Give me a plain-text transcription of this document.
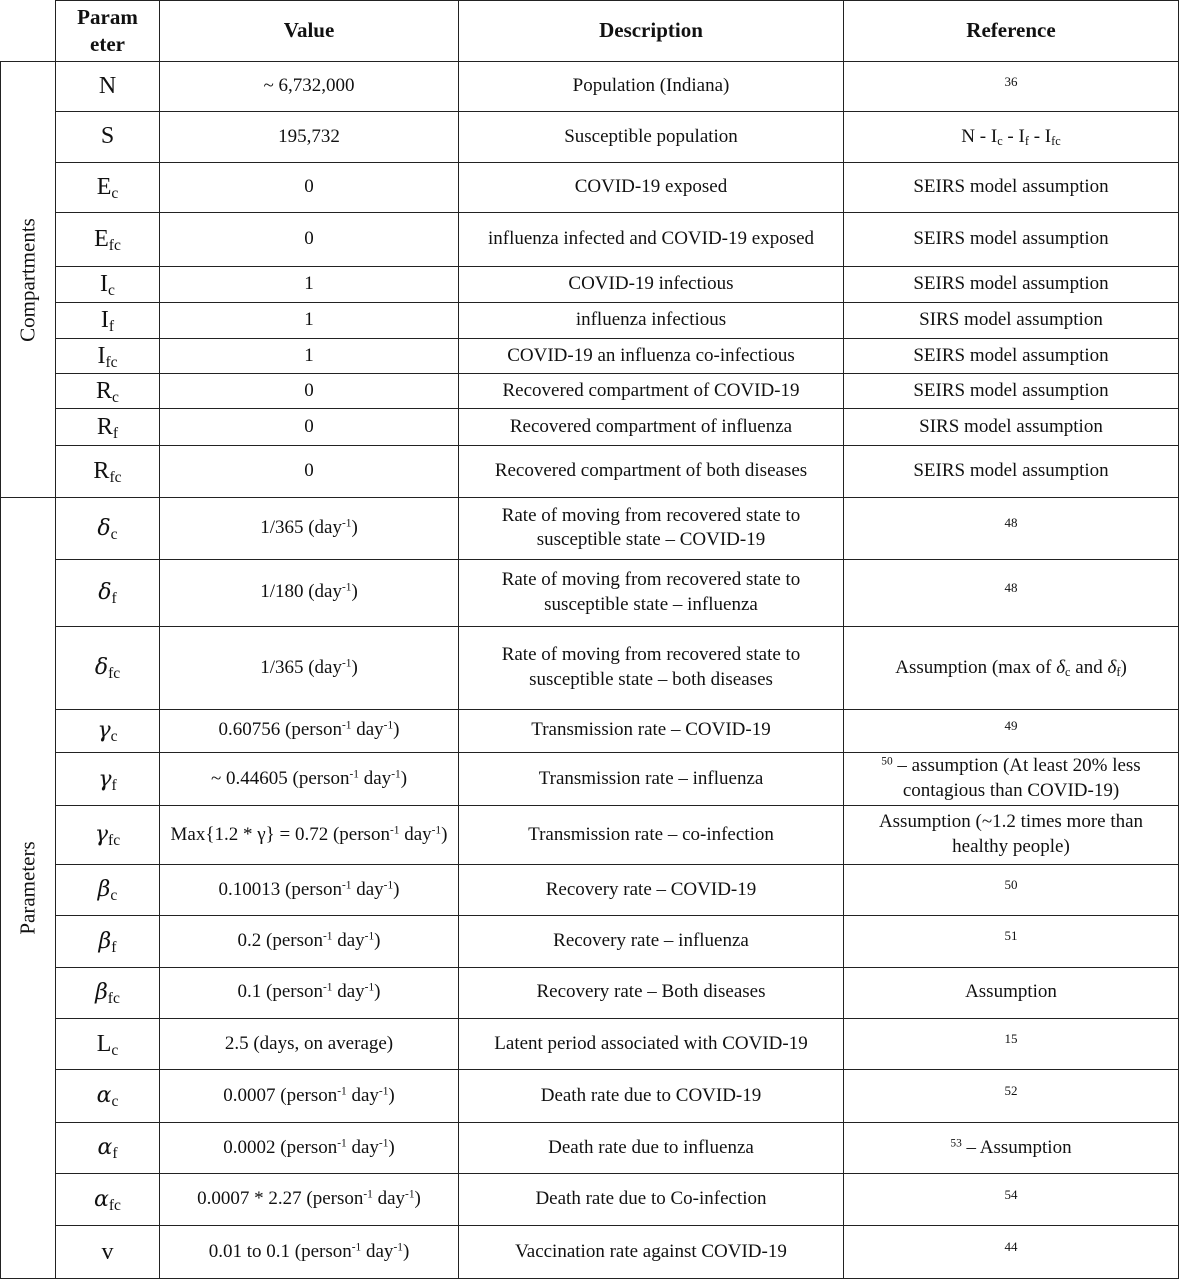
	Param eter	Value	Description	Reference

Compartments	N	~ 6,732,000	Population (Indiana)	$^{36}$
	S	195,732	Susceptible population	N - $I_c - I_f - I_{fc}$
	$E_c$	0	COVID-19 exposed	SEIRS model assumption
	$E_{fc}$	0	influenza infected and COVID-19 exposed	SEIRS model assumption
	$I_c$	1	COVID-19 infectious	SEIRS model assumption
	$I_f$	1	influenza infectious	SIRS model assumption
	$I_{fc}$	1	COVID-19 an influenza co-infectious	SEIRS model assumption
	$R_c$	0	Recovered compartment of COVID-19	SEIRS model assumption
	$R_f$	0	Recovered compartment of influenza	SIRS model assumption
	$R_{fc}$	0	Recovered compartment of both diseases	SEIRS model assumption

Parameters	$\delta_c$	1/365 (day$^{-1}$)	Rate of moving from recovered state to susceptible state – COVID-19	$^{48}$
	$\delta_f$	1/180 (day$^{-1}$)	Rate of moving from recovered state to susceptible state – influenza	$^{48}$
	$\delta_{fc}$	1/365 (day$^{-1}$)	Rate of moving from recovered state to susceptible state – both diseases	Assumption (max of $\delta_c$ and $\delta_f$)
	$\gamma_c$	0.60756 (person$^{-1}$ day$^{-1}$)	Transmission rate – COVID-19	$^{49}$
	$\gamma_f$	~ 0.44605 (person$^{-1}$ day$^{-1}$)	Transmission rate – influenza	$^{50}$ – assumption (At least 20% less contagious than COVID-19)
	$\gamma_{fc}$	Max{1.2 * γ} = 0.72 (person$^{-1}$ day$^{-1}$)	Transmission rate – co-infection	Assumption (~1.2 times more than healthy people)
	$\beta_c$	0.10013 (person$^{-1}$ day$^{-1}$)	Recovery rate – COVID-19	$^{50}$
	$\beta_f$	0.2 (person$^{-1}$ day$^{-1}$)	Recovery rate – influenza	$^{51}$
	$\beta_{fc}$	0.1 (person$^{-1}$ day$^{-1}$)	Recovery rate – Both diseases	Assumption
	$L_c$	2.5 (days, on average)	Latent period associated with COVID-19	$^{15}$
	$\alpha_c$	0.0007 (person$^{-1}$ day$^{-1}$)	Death rate due to COVID-19	$^{52}$
	$\alpha_f$	0.0002 (person$^{-1}$ day$^{-1}$)	Death rate due to influenza	$^{53}$ – Assumption
	$\alpha_{fc}$	0.0007 * 2.27 (person$^{-1}$ day$^{-1}$)	Death rate due to Co-infection	$^{54}$
	v	0.01 to 0.1 (person$^{-1}$ day$^{-1}$)	Vaccination rate against COVID-19	$^{44}$
